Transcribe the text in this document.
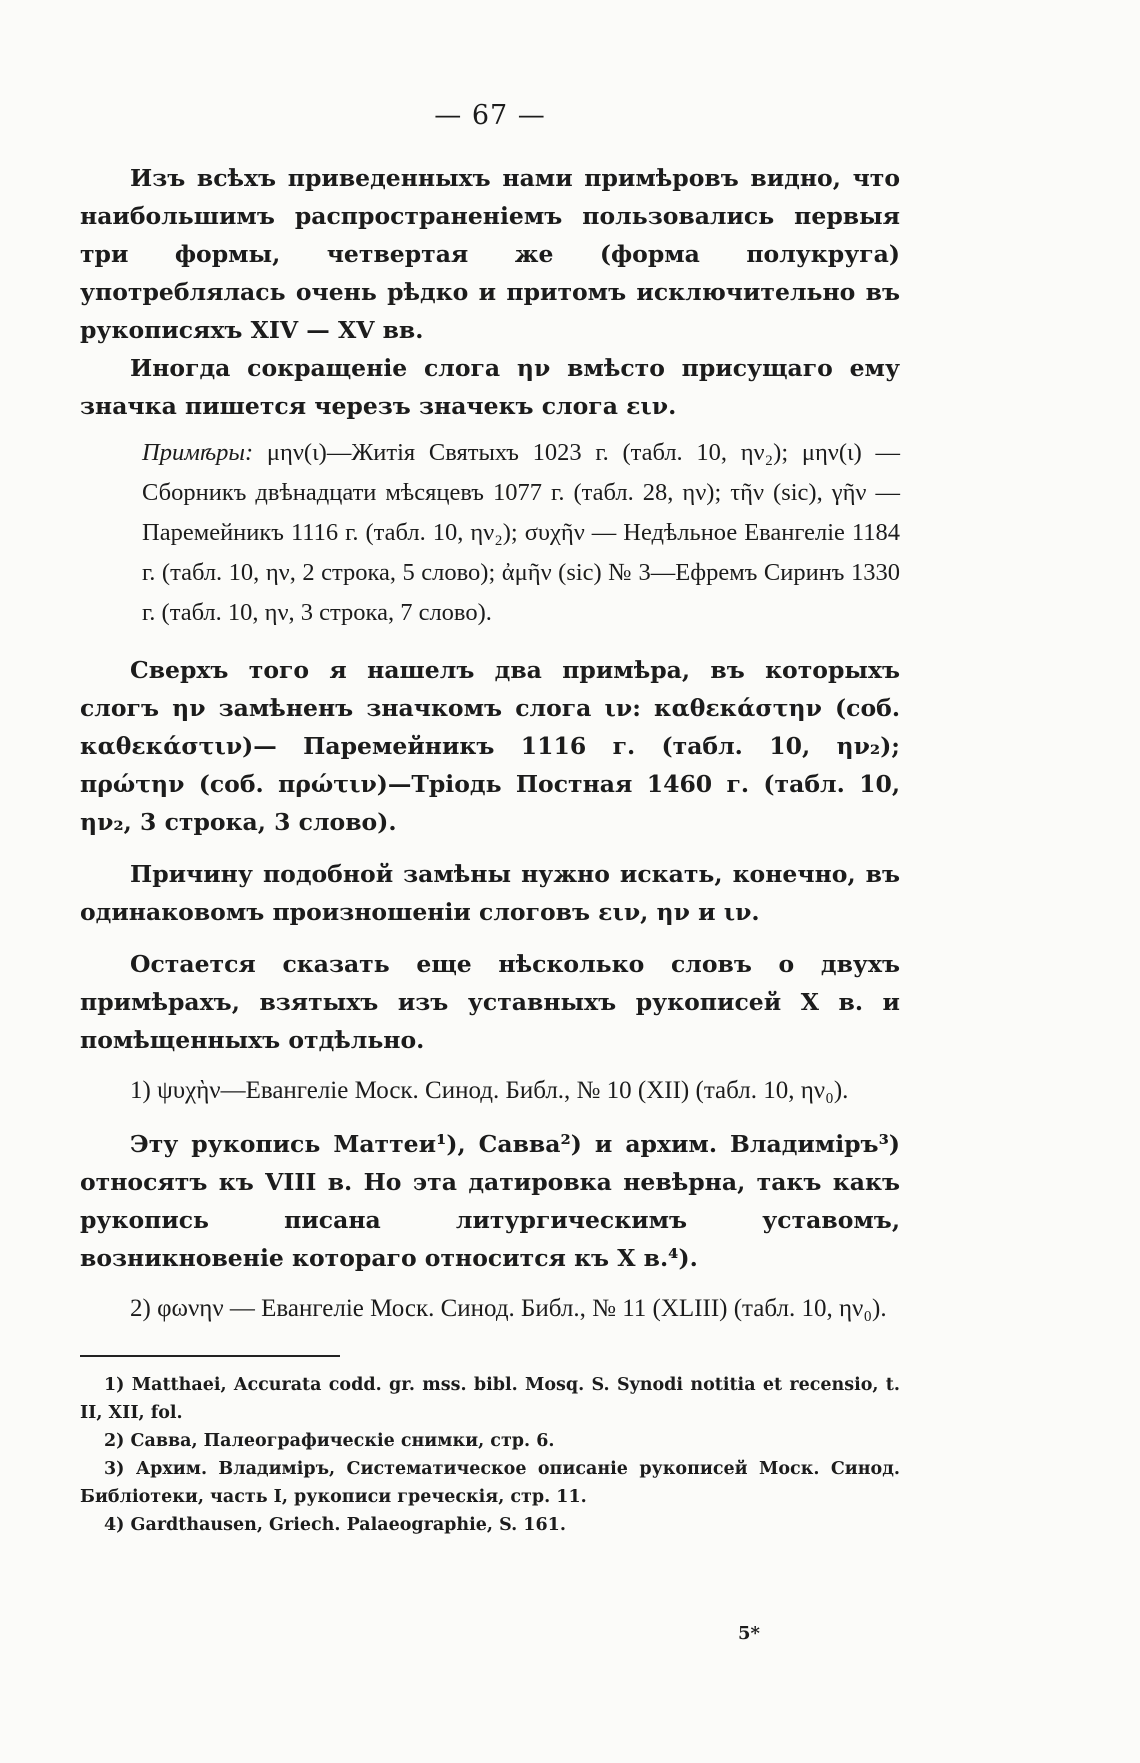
— 67 —

Изъ всѣхъ приведенныхъ нами примѣровъ видно, что наибольшимъ распространеніемъ пользовались первыя три формы, четвертая же (форма полукруга) употреблялась очень рѣдко и притомъ исключительно въ рукописяхъ XIV — XV вв.

Иногда сокращеніе слога ην вмѣсто присущаго ему значка пишется черезъ значекъ слога ειν.

Примѣры: μην(ι)—Житія Святыхъ 1023 г. (табл. 10, ην₂); μην(ι) — Сборникъ двѣнадцати мѣсяцевъ 1077 г. (табл. 28, ην); τῆν (sic), γῆν — Паремейникъ 1116 г. (табл. 10, ην₂); συχῆν — Недѣльное Евангеліе 1184 г. (табл. 10, ην, 2 строка, 5 слово); ἀμῆν (sic) № 3—Ефремъ Сиринъ 1330 г. (табл. 10, ην, 3 строка, 7 слово).

Сверхъ того я нашелъ два примѣра, въ которыхъ слогъ ην замѣненъ значкомъ слога ιν: καθεκάστην (соб. καθεκάστιν)— Паремейникъ 1116 г. (табл. 10, ην₂); πρώτην (соб. πρώτιν)—Тріодь Постная 1460 г. (табл. 10, ην₂, 3 строка, 3 слово).

Причину подобной замѣны нужно искать, конечно, въ одинаковомъ произношеніи слоговъ ειν, ην и ιν.

Остается сказать еще нѣсколько словъ о двухъ примѣрахъ, взятыхъ изъ уставныхъ рукописей X в. и помѣщенныхъ отдѣльно.

1) ψυχὴν—Евангеліе Моск. Синод. Библ., № 10 (XII) (табл. 10, ην₀).

Эту рукопись Маттеи¹), Савва²) и архим. Владиміръ³) относятъ къ VIII в. Но эта датировка невѣрна, такъ какъ рукопись писана литургическимъ уставомъ, возникновеніе котораго относится къ X в.⁴).

2) φωνην — Евангеліе Моск. Синод. Библ., № 11 (XLIII) (табл. 10, ην₀).

1) Matthaei, Accurata codd. gr. mss. bibl. Mosq. S. Synodi notitia et recensio, t. II, XII, fol.

2) Савва, Палеографическіе снимки, стр. 6.

3) Архим. Владиміръ, Систематическое описаніе рукописей Моск. Синод. Библіотеки, часть I, рукописи греческія, стр. 11.

4) Gardthausen, Griech. Palaeographie, S. 161.

5*
